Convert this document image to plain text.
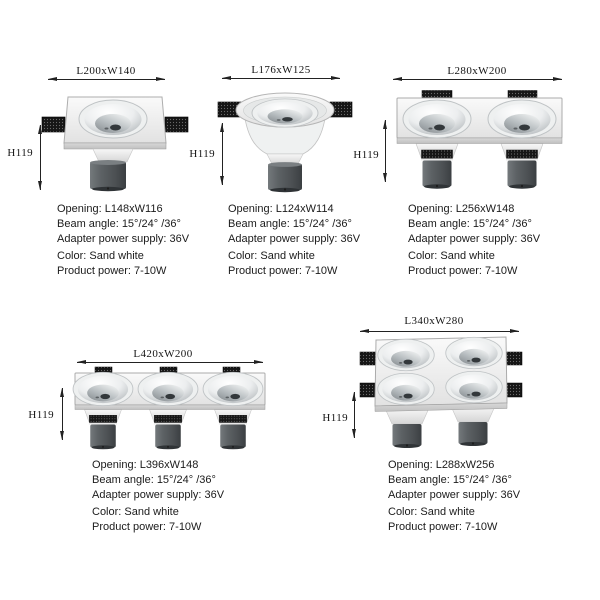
L200xW140
H119
Opening: L148xW116
Beam angle: 15°/24° /36°
Adapter power supply: 36V
Color: Sand white
Product power: 7-10W
L176xW125
H119
Opening: L124xW114
Beam angle: 15°/24° /36°
Adapter power supply: 36V
Color: Sand white
Product power: 7-10W
L280xW200
H119
Opening: L256xW148
Beam angle: 15°/24° /36°
Adapter power supply: 36V
Color: Sand white
Product power: 7-10W
L420xW200
H119
Opening: L396xW148
Beam angle: 15°/24° /36°
Adapter power supply: 36V
Color: Sand white
Product power: 7-10W
L340xW280
H119
Opening: L288xW256
Beam angle: 15°/24° /36°
Adapter power supply: 36V
Color: Sand white
Product power: 7-10W
